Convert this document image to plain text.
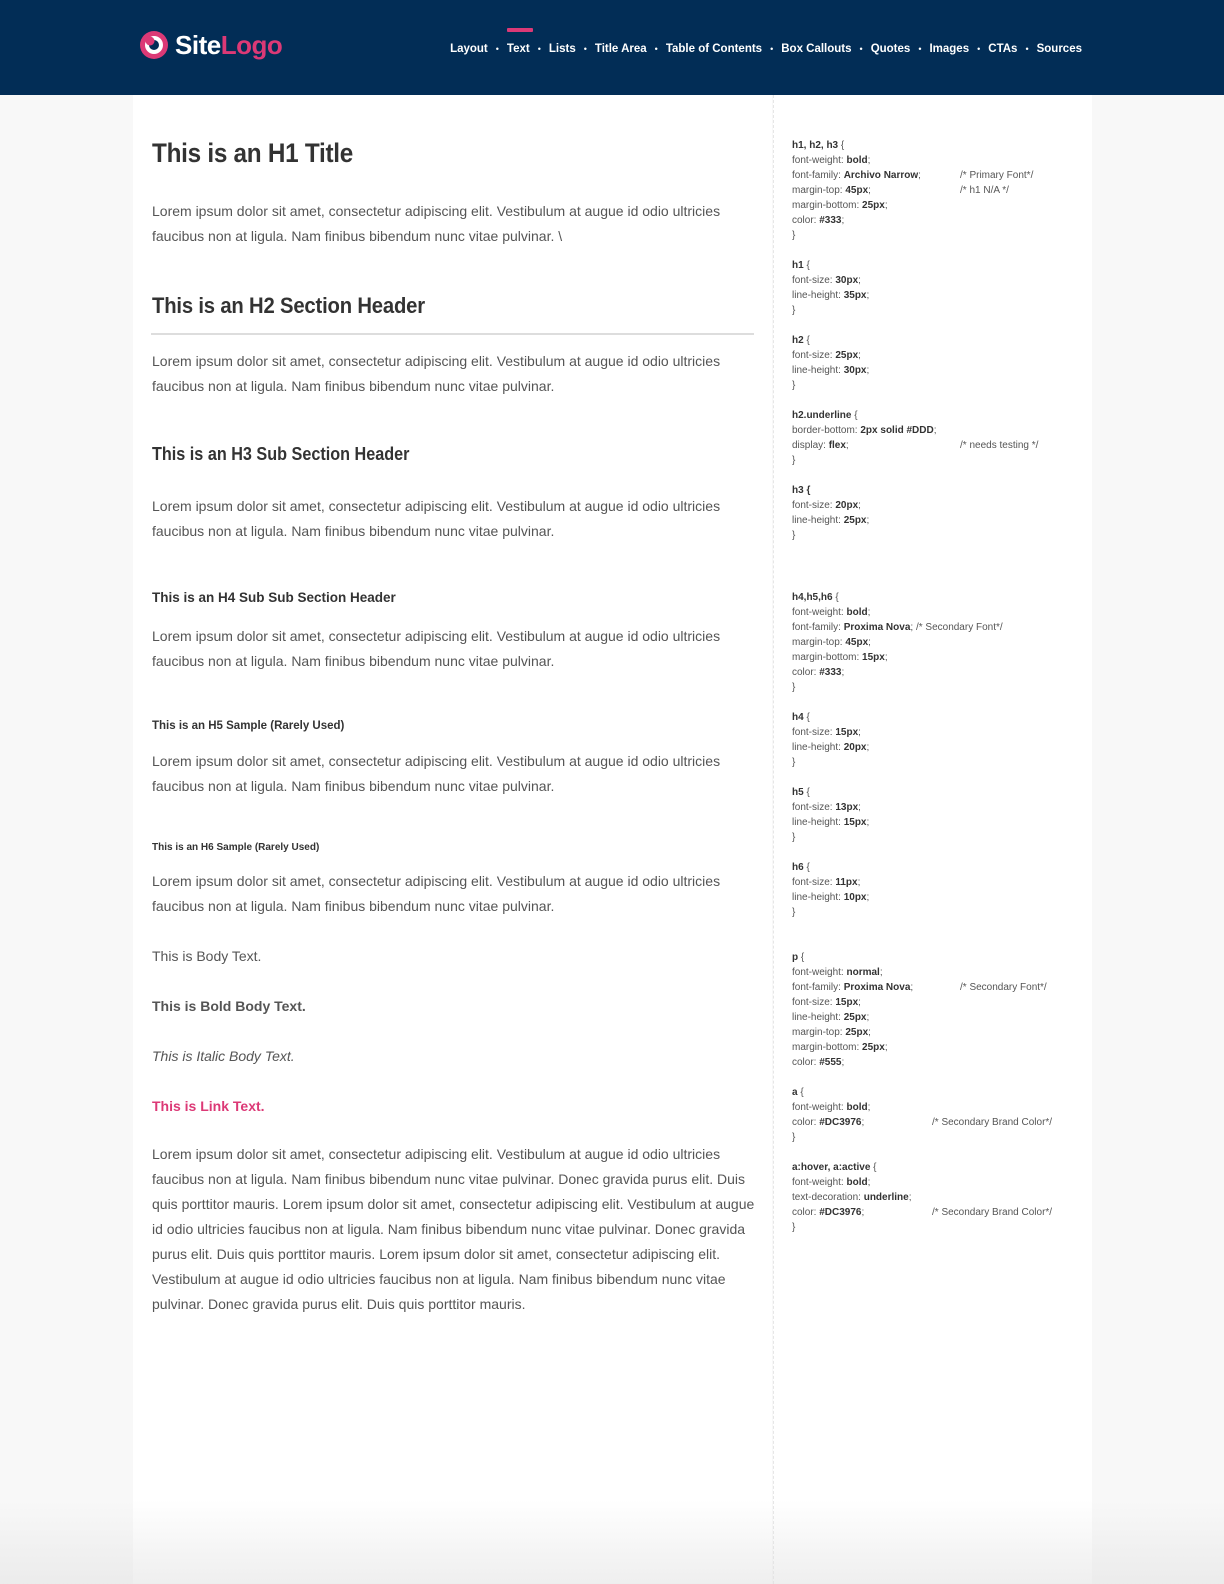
SiteLogo	Layout • Text • Lists • Title Area • Table of Contents • Box Callouts • Quotes • Images • CTAs • Sources
This is an H1 Title

Lorem ipsum dolor sit amet, consectetur adipiscing elit. Vestibulum at augue id odio ultricies faucibus non at ligula. Nam finibus bibendum nunc vitae pulvinar. \

This is an H2 Section Header

Lorem ipsum dolor sit amet, consectetur adipiscing elit. Vestibulum at augue id odio ultricies faucibus non at ligula. Nam finibus bibendum nunc vitae pulvinar.

This is an H3 Sub Section Header

Lorem ipsum dolor sit amet, consectetur adipiscing elit. Vestibulum at augue id odio ultricies faucibus non at ligula. Nam finibus bibendum nunc vitae pulvinar.

This is an H4 Sub Sub Section Header

Lorem ipsum dolor sit amet, consectetur adipiscing elit. Vestibulum at augue id odio ultricies faucibus non at ligula. Nam finibus bibendum nunc vitae pulvinar.

This is an H5 Sample (Rarely Used)

Lorem ipsum dolor sit amet, consectetur adipiscing elit. Vestibulum at augue id odio ultricies faucibus non at ligula. Nam finibus bibendum nunc vitae pulvinar.

This is an H6 Sample (Rarely Used)

Lorem ipsum dolor sit amet, consectetur adipiscing elit. Vestibulum at augue id odio ultricies faucibus non at ligula. Nam finibus bibendum nunc vitae pulvinar.

This is Body Text.

This is Bold Body Text.

This is Italic Body Text.

This is Link Text.

Lorem ipsum dolor sit amet, consectetur adipiscing elit. Vestibulum at augue id odio ultricies faucibus non at ligula. Nam finibus bibendum nunc vitae pulvinar. Donec gravida purus elit. Duis quis porttitor mauris. Lorem ipsum dolor sit amet, consectetur adipiscing elit. Vestibulum at augue id odio ultricies faucibus non at ligula. Nam finibus bibendum nunc vitae pulvinar. Donec gravida purus elit. Duis quis porttitor mauris. Lorem ipsum dolor sit amet, consectetur adipiscing elit. Vestibulum at augue id odio ultricies faucibus non at ligula. Nam finibus bibendum nunc vitae pulvinar. Donec gravida purus elit. Duis quis porttitor mauris.

h1, h2, h3 {
font-weight: bold;
font-family: Archivo Narrow;	/* Primary Font*/
margin-top: 45px;	/* h1 N/A */
margin-bottom: 25px;
color: #333;
}
h1 {
font-size: 30px;
line-height: 35px;
}
h2 {
font-size: 25px;
line-height: 30px;
}
h2.underline {
border-bottom: 2px solid #DDD;
display: flex;	/* needs testing */
}
h3 {
font-size: 20px;
line-height: 25px;
}
h4,h5,h6 {
font-weight: bold;
font-family: Proxima Nova; /* Secondary Font*/
margin-top: 45px;
margin-bottom: 15px;
color: #333;
}
h4 {
font-size: 15px;
line-height: 20px;
}
h5 {
font-size: 13px;
line-height: 15px;
}
h6 {
font-size: 11px;
line-height: 10px;
}
p {
font-weight: normal;
font-family: Proxima Nova;	/* Secondary Font*/
font-size: 15px;
line-height: 25px;
margin-top: 25px;
margin-bottom: 25px;
color: #555;
a {
font-weight: bold;
color: #DC3976;	/* Secondary Brand Color*/
}
a:hover, a:active {
font-weight: bold;
text-decoration: underline;
color: #DC3976;	/* Secondary Brand Color*/
}
